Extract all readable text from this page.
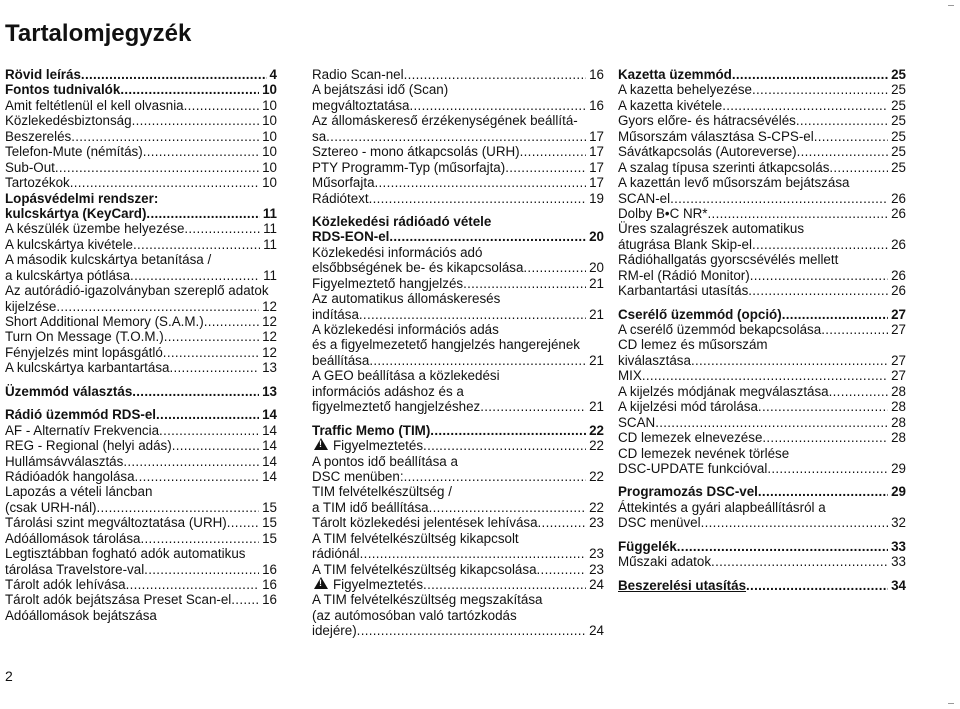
Tartalomjegyzék
Rövid leírás .....	4
Fontos tudnivalók .....	10
Amit feltétlenül el kell olvasnia .....	10
Közlekedésbiztonság .....	10
Beszerelés .....	10
Telefon-Mute (némítás) .....	10
Sub-Out .....	10
Tartozékok .....	10
Lopásvédelmi rendszer:
kulcskártya (KeyCard) .....	11
A készülék üzembe helyezése .....	11
A kulcskártya kivétele .....	11
A második kulcskártya betanítása /
a kulcskártya pótlása .....	11
Az autórádió-igazolványban szereplő adatok
kijelzése .....	12
Short Additional Memory (S.A.M.) .....	12
Turn On Message (T.O.M.) .....	12
Fényjelzés mint lopásgátló .....	12
A kulcskártya karbantartása .....	13
Üzemmód választás .....	13
Rádió üzemmód RDS-el .....	14
AF - Alternatív Frekvencia .....	14
REG - Regional (helyi adás) .....	14
Hullámsávválasztás .....	14
Rádióadók hangolása .....	14
Lapozás a vételi láncban
(csak URH-nál) .....	15
Tárolási szint megváltoztatása (URH) .....	15
Adóállomások tárolása .....	15
Legtisztábban fogható adók automatikus
tárolása Travelstore-val .....	16
Tárolt adók lehívása .....	16
Tárolt adók bejátszása Preset Scan-el ..... 16
Adóállomások bejátszása
Radio Scan-nel .....	16
A bejátszási idő (Scan)
megváltoztatása .....	16
Az állomáskereső érzékenységének beállítá-
sa .....	17
Sztereo - mono átkapcsolás (URH) .....	17
PTY Programm-Typ (műsorfajta) .....	17
Műsorfajta .....	17
Rádiótext .....	19
Közlekedési rádióadó vétele
RDS-EON-el .....	20
Közlekedési információs adó
elsőbbségének be- és kikapcsolása .....	20
Figyelmeztető hangjelzés .....	21
Az automatikus állomáskeresés
indítása .....	21
A közlekedési információs adás
és a figyelmezetető hangjelzés hangerejének
beállítása .....	21
A GEO beállítása a közlekedési
információs adáshoz és a
figyelmeztető hangjelzéshez .....	21
Traffic Memo (TIM) .....	22
!
Figyelmeztetés .....	22
A pontos idő beállítása a
DSC menüben: .....	22
TIM felvételkészültség /
a TIM idő beállítása .....	22
Tárolt közlekedési jelentések lehívása .....	23
A TIM felvételkészültség kikapcsolt
rádiónál .....	23
A TIM felvételkészültség kikapcsolása .....	23
!
Figyelmeztetés .....	24
A TIM felvételkészültség megszakítása
(az autómosóban való tartózkodás
idejére) .....	24
Kazetta üzemmód .....	25
A kazetta behelyezése .....	25
A kazetta kivétele .....	25
Gyors előre- és hátracsévélés .....	25
Műsorszám választása S-CPS-el .....	25
Sávátkapcsolás (Autoreverse) .....	25
A szalag típusa szerinti átkapcsolás .....	25
A kazettán levő műsorszám bejátszása
SCAN-el .....	26
Dolby B•C NR* .....	26
Üres szalagrészek automatikus
átugrása Blank Skip-el .....	26
Rádióhallgatás gyorscsévélés mellett
RM-el (Rádió Monitor) .....	26
Karbantartási utasítás .....	26
Cserélő üzemmód (opció) .....	27
A cserélő üzemmód bekapcsolása .....	27
CD lemez és műsorszám
kiválasztása .....	27
MIX .....	27
A kijelzés módjának megválasztása .....	28
A kijelzési mód tárolása .....	28
SCAN .....	28
CD lemezek elnevezése .....	28
CD lemezek nevének törlése
DSC-UPDATE funkcióval .....	29
Programozás DSC-vel .....	29
Áttekintés a gyári alapbeállításról a
DSC menüvel .....	32
Függelék .....	33
Műszaki adatok .....	33
Beszerelési utasítás .....	34
2
